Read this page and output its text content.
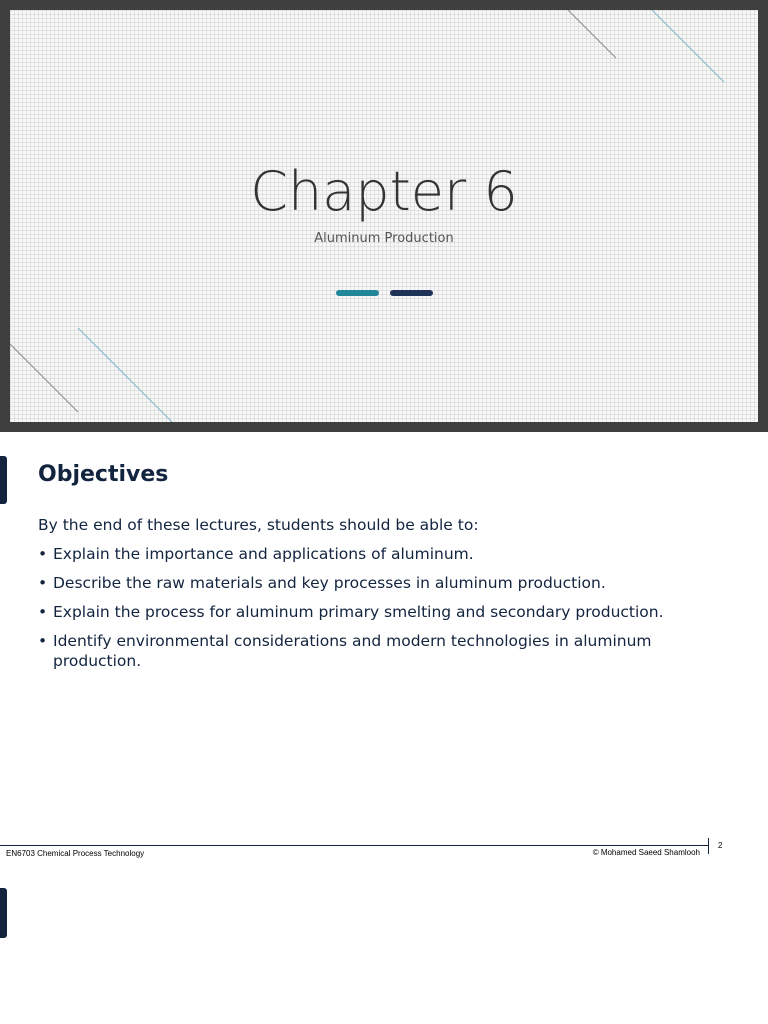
Chapter 6
Aluminum Production
Objectives
By the end of these lectures, students should be able to:
• Explain the importance and applications of aluminum.
• Describe the raw materials and key processes in aluminum production.
• Explain the process for aluminum primary smelting and secondary production.
• Identify environmental considerations and modern technologies in aluminum production.
EN6703 Chemical Process Technology	© Mohamed Saeed Shamlooh
2
